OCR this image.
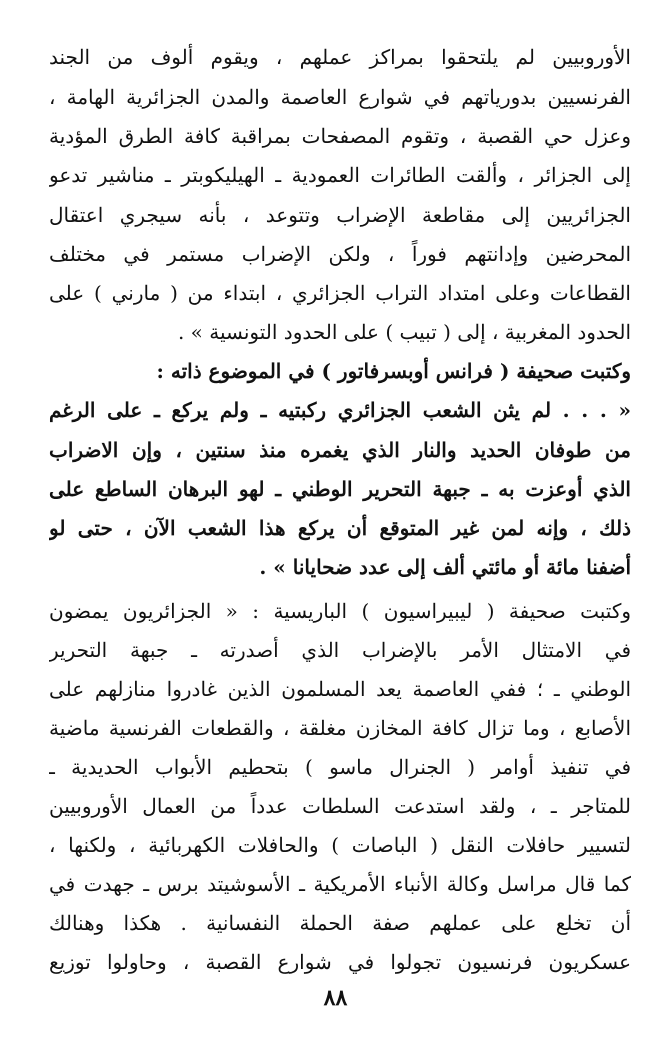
الأوروبيين لم يلتحقوا بمراكز عملهم ، ويقوم ألوف من الجند
الفرنسيين بدورياتهم في شوارع العاصمة والمدن الجزائرية الهامة ،
وعزل حي القصبة ، وتقوم المصفحات بمراقبة كافة الطرق المؤدية
إلى الجزائر ، وألقت الطائرات العمودية ـ الهيليكوبتر ـ مناشير تدعو
الجزائريين إلى مقاطعة الإضراب وتتوعد ، بأنه سيجري اعتقال
المحرضين وإدانتهم فوراً ، ولكن الإضراب مستمر في مختلف
القطاعات وعلى امتداد التراب الجزائري ، ابتداء من ( مارني ) على
الحدود المغربية ، إلى ( تبيب ) على الحدود التونسية » .
وكتبت صحيفة ( فرانس أوبسرفاتور ) في الموضوع ذاته :
« . . . لم يثن الشعب الجزائري ركبتيه ـ ولم يركع ـ على الرغم
من طوفان الحديد والنار الذي يغمره منذ سنتين ، وإن الاضراب
الذي أوعزت به ـ جبهة التحرير الوطني ـ لهو البرهان الساطع على
ذلك ، وإنه لمن غير المتوقع أن يركع هذا الشعب الآن ، حتى لو
أضفنا مائة أو مائتي ألف إلى عدد ضحايانا » .
وكتبت صحيفة ( ليبيراسيون ) الباريسية : « الجزائريون يمضون
في الامتثال الأمر بالإضراب الذي أصدرته ـ جبهة التحرير
الوطني ـ ؛ ففي العاصمة يعد المسلمون الذين غادروا منازلهم على
الأصابع ، وما تزال كافة المخازن مغلقة ، والقطعات الفرنسية ماضية
في تنفيذ أوامر ( الجنرال ماسو ) بتحطيم الأبواب الحديدية ـ
للمتاجر ـ ، ولقد استدعت السلطات عدداً من العمال الأوروبيين
لتسيير حافلات النقل ( الباصات ) والحافلات الكهربائية ، ولكنها ،
كما قال مراسل وكالة الأنباء الأمريكية ـ الأسوشيتد برس ـ جهدت في
أن تخلع على عملهم صفة الحملة النفسانية . هكذا وهنالك
عسكريون فرنسيون تجولوا في شوارع القصبة ، وحاولوا توزيع
٨٨
